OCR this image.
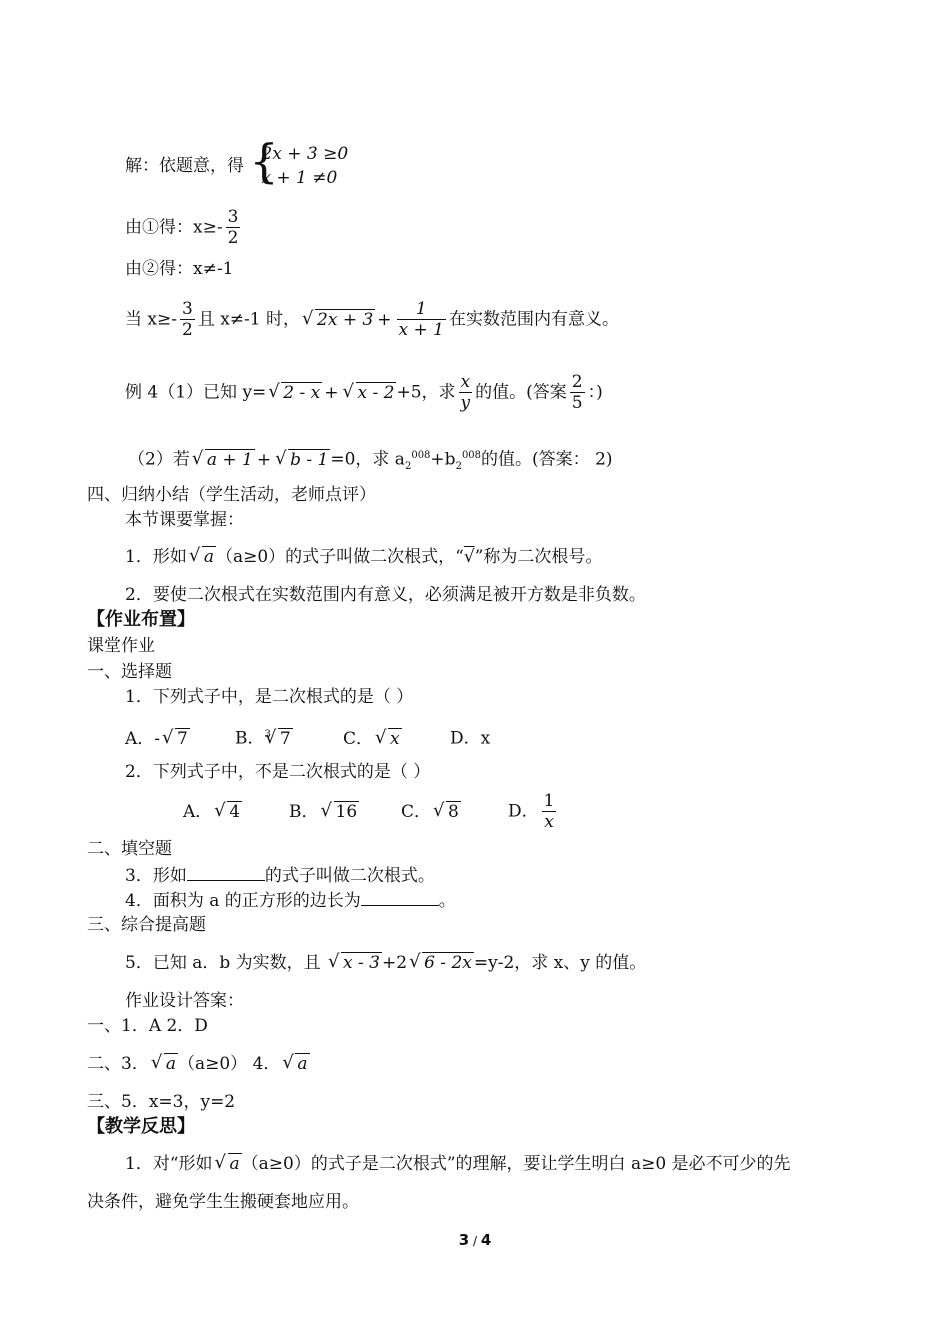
解：依题意，得 {
2x + 3 ≥0
x + 1 ≠0
由①得：$x\ge- \frac{3}{2}$
由②得：x≠-1
当 $x\ge- \frac{3}{2}$ 且 x≠-1 时， √ $2x + 3 + \frac{1}{x + 1}$ 在实数范围内有意义。
例 4（1）已知 y= √ 2 - x + √ x - 2 +5，求 $\frac{x}{y}$ 的值。(答案 $\frac{2}{5}$ ：)
（2）若 √ a + 1 + √ b - 1 =0，求 $a_2^{008}+b_2^{008}$的值。(答案： 2)
四、归纳小结（学生活动，老师点评）
本节课要掌握：
1．形如 √ a （a≥0）的式子叫做二次根式，“√”称为二次根号。
2．要使二次根式在实数范围内有意义，必须满足被开方数是非负数。
【作业布置】
课堂作业
一、选择题
1．下列式子中，是二次根式的是（ ）
A．- √ 7	B．$^3$ √ 7	C． √ x	D．x
2．下列式子中，不是二次根式的是（ ）
A． √ 4	B． √ 16	C． √ 8	D． $\frac{1}{x}$
二、填空题
3．形如	的式子叫做二次根式。
4．面积为 a 的正方形的边长为	。
三、综合提高题
5．已知 a．b 为实数，且 √ x - 3 +2 √ 6 - 2x =y-2，求 x、y 的值。
作业设计答案：
一、1．A 2．D
二、3． √ a （a≥0） 4． √ a
三、5．x=3，y=2
【教学反思】
1．对“形如 √ a （a≥0）的式子是二次根式”的理解，要让学生明白 a≥0 是必不可少的先
决条件，避免学生生搬硬套地应用。
3 / 4
